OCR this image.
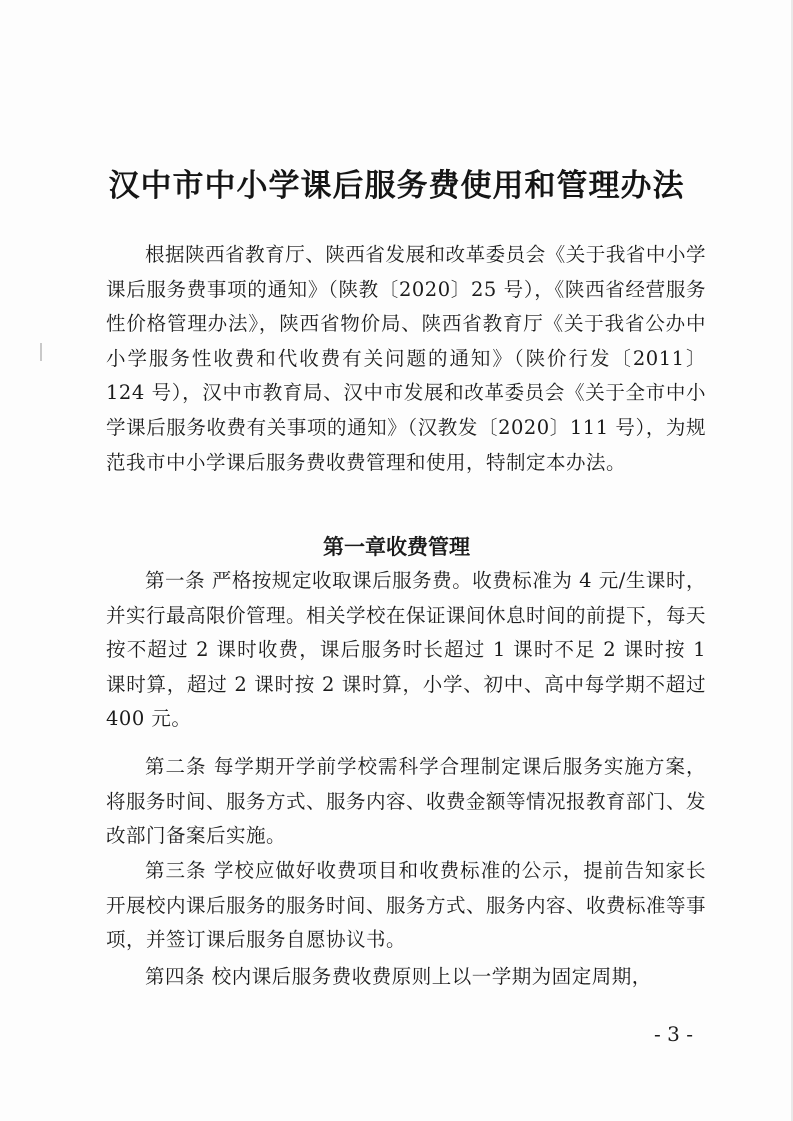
汉中市中小学课后服务费使用和管理办法

根据陕西省教育厅、陕西省发展和改革委员会《关于我省中小学课后服务费事项的通知》（陕教〔2020〕25 号），《陕西省经营服务性价格管理办法》，陕西省物价局、陕西省教育厅《关于我省公办中小学服务性收费和代收费有关问题的通知》（陕价行发〔2011〕124 号），汉中市教育局、汉中市发展和改革委员会《关于全市中小学课后服务收费有关事项的通知》（汉教发〔2020〕111 号），为规范我市中小学课后服务费收费管理和使用，特制定本办法。

第一章收费管理

第一条 严格按规定收取课后服务费。收费标准为 4 元/生课时，并实行最高限价管理。相关学校在保证课间休息时间的前提下，每天按不超过 2 课时收费，课后服务时长超过 1 课时不足 2 课时按 1 课时算，超过 2 课时按 2 课时算，小学、初中、高中每学期不超过 400 元。

第二条 每学期开学前学校需科学合理制定课后服务实施方案，将服务时间、服务方式、服务内容、收费金额等情况报教育部门、发改部门备案后实施。

第三条 学校应做好收费项目和收费标准的公示，提前告知家长开展校内课后服务的服务时间、服务方式、服务内容、收费标准等事项，并签订课后服务自愿协议书。

第四条 校内课后服务费收费原则上以一学期为固定周期，

- 3 -
